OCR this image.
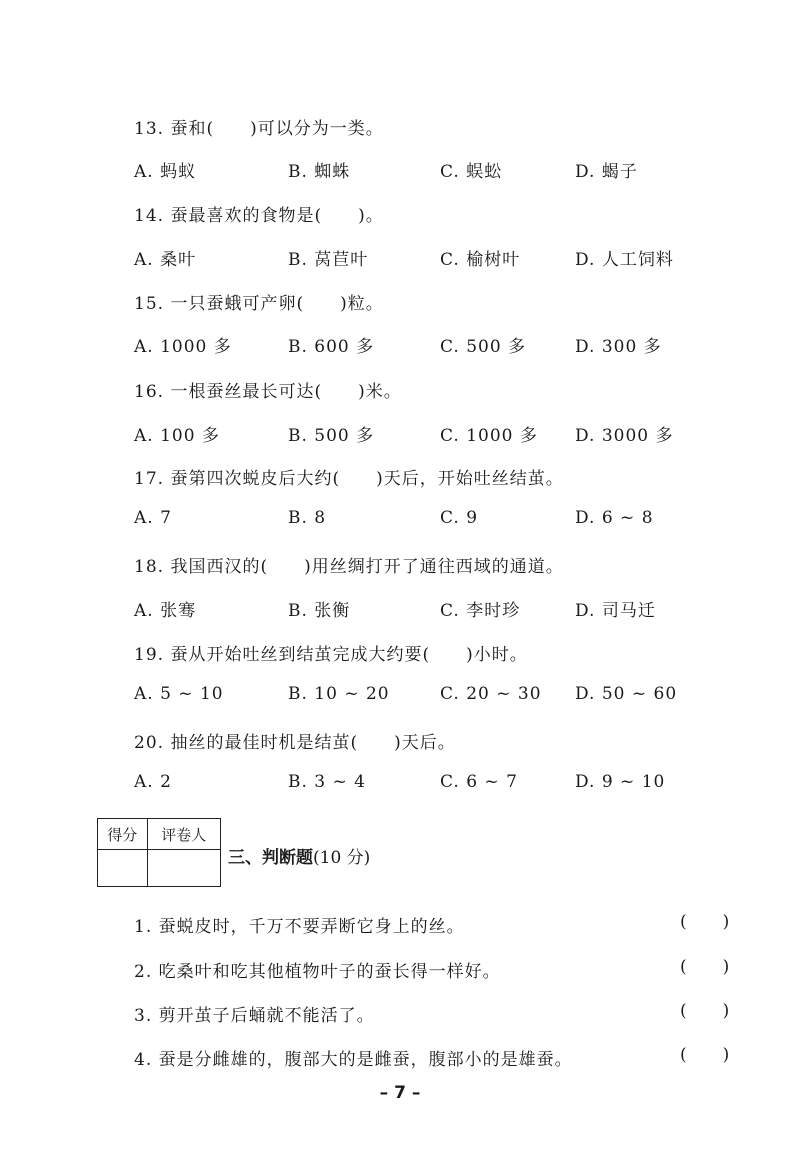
13. 蚕和(　　)可以分为一类。
A. 蚂蚁	B. 蜘蛛	C. 蜈蚣	D. 蝎子
14. 蚕最喜欢的食物是(　　)。
A. 桑叶	B. 莴苣叶	C. 榆树叶	D. 人工饲料
15. 一只蚕蛾可产卵(　　)粒。
A. 1000 多	B. 600 多	C. 500 多	D. 300 多
16. 一根蚕丝最长可达(　　)米。
A. 100 多	B. 500 多	C. 1000 多 D. 3000 多
17. 蚕第四次蜕皮后大约(　　)天后，开始吐丝结茧。
A. 7	B. 8	C. 9	D. 6 ~ 8
18. 我国西汉的(　　)用丝绸打开了通往西域的通道。
A. 张骞	B. 张衡	C. 李时珍	D. 司马迁
19. 蚕从开始吐丝到结茧完成大约要(　　)小时。
A. 5 ~ 10	B. 10 ~ 20	C. 20 ~ 30 D. 50 ~ 60
20. 抽丝的最佳时机是结茧(　　)天后。
A. 2	B. 3 ~ 4	C. 6 ~ 7	D. 9 ~ 10
得分	评卷人

三、判断题(10 分)
1. 蚕蜕皮时，千万不要弄断它身上的丝。	()
2. 吃桑叶和吃其他植物叶子的蚕长得一样好。	()
3. 剪开茧子后蛹就不能活了。	()
4. 蚕是分雌雄的，腹部大的是雌蚕，腹部小的是雄蚕。	()
– 7 –
